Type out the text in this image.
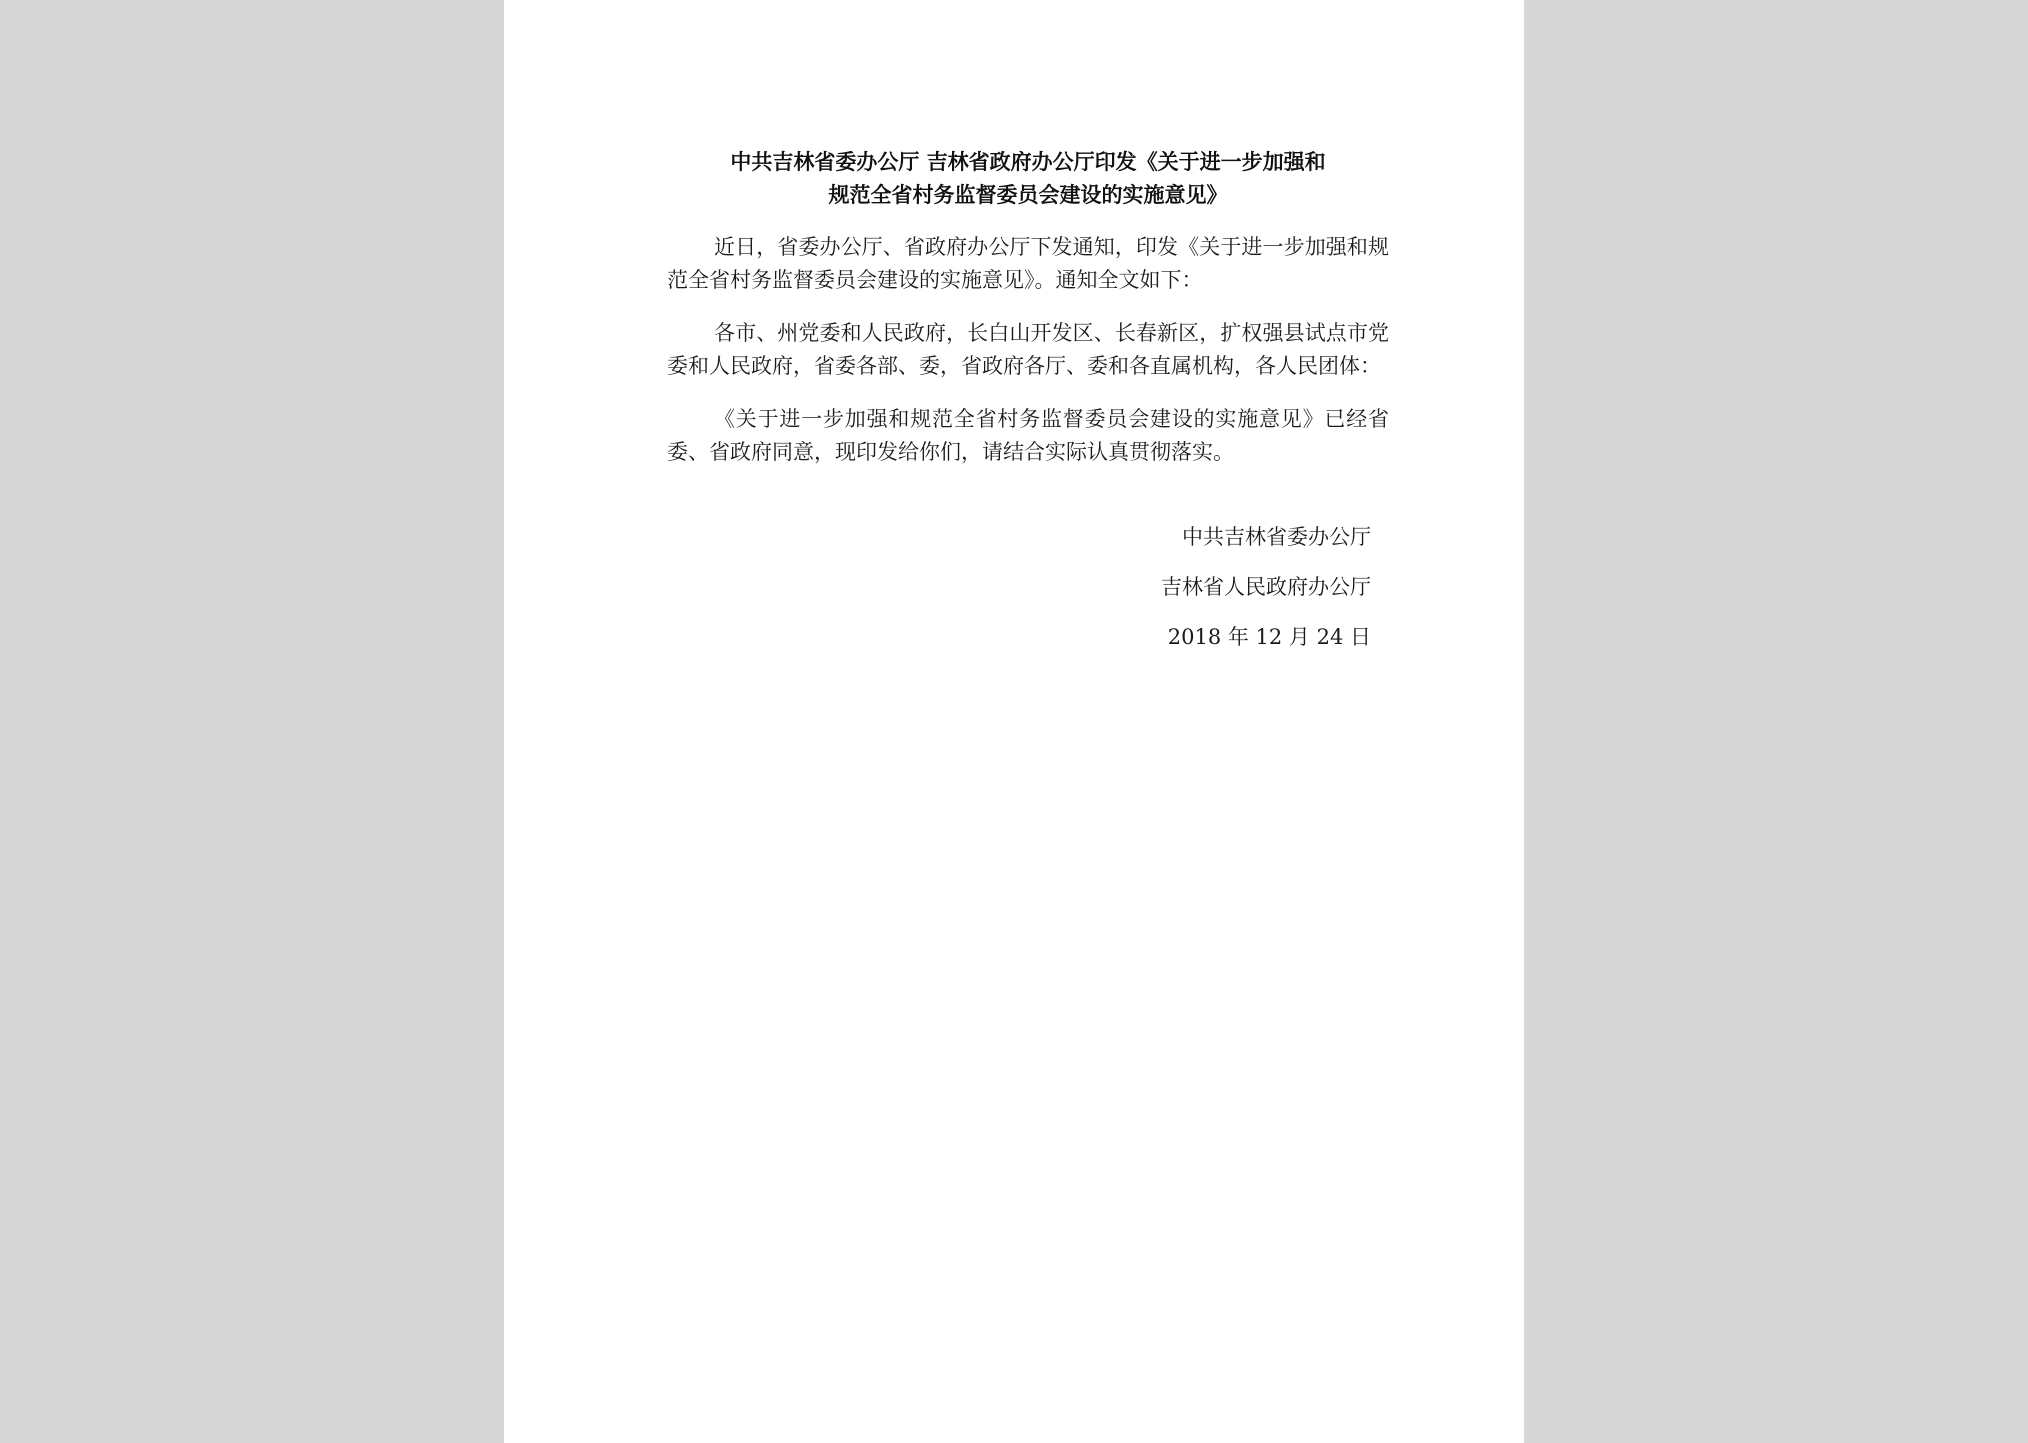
中共吉林省委办公厅 吉林省政府办公厅印发《关于进一步加强和
规范全省村务监督委员会建设的实施意见》

近日，省委办公厅、省政府办公厅下发通知，印发《关于进一步加强和规范全省村务监督委员会建设的实施意见》。通知全文如下：

各市、州党委和人民政府，长白山开发区、长春新区，扩权强县试点市党委和人民政府，省委各部、委，省政府各厅、委和各直属机构，各人民团体：

《关于进一步加强和规范全省村务监督委员会建设的实施意见》已经省委、省政府同意，现印发给你们，请结合实际认真贯彻落实。

中共吉林省委办公厅
吉林省人民政府办公厅
2018 年 12 月 24 日
